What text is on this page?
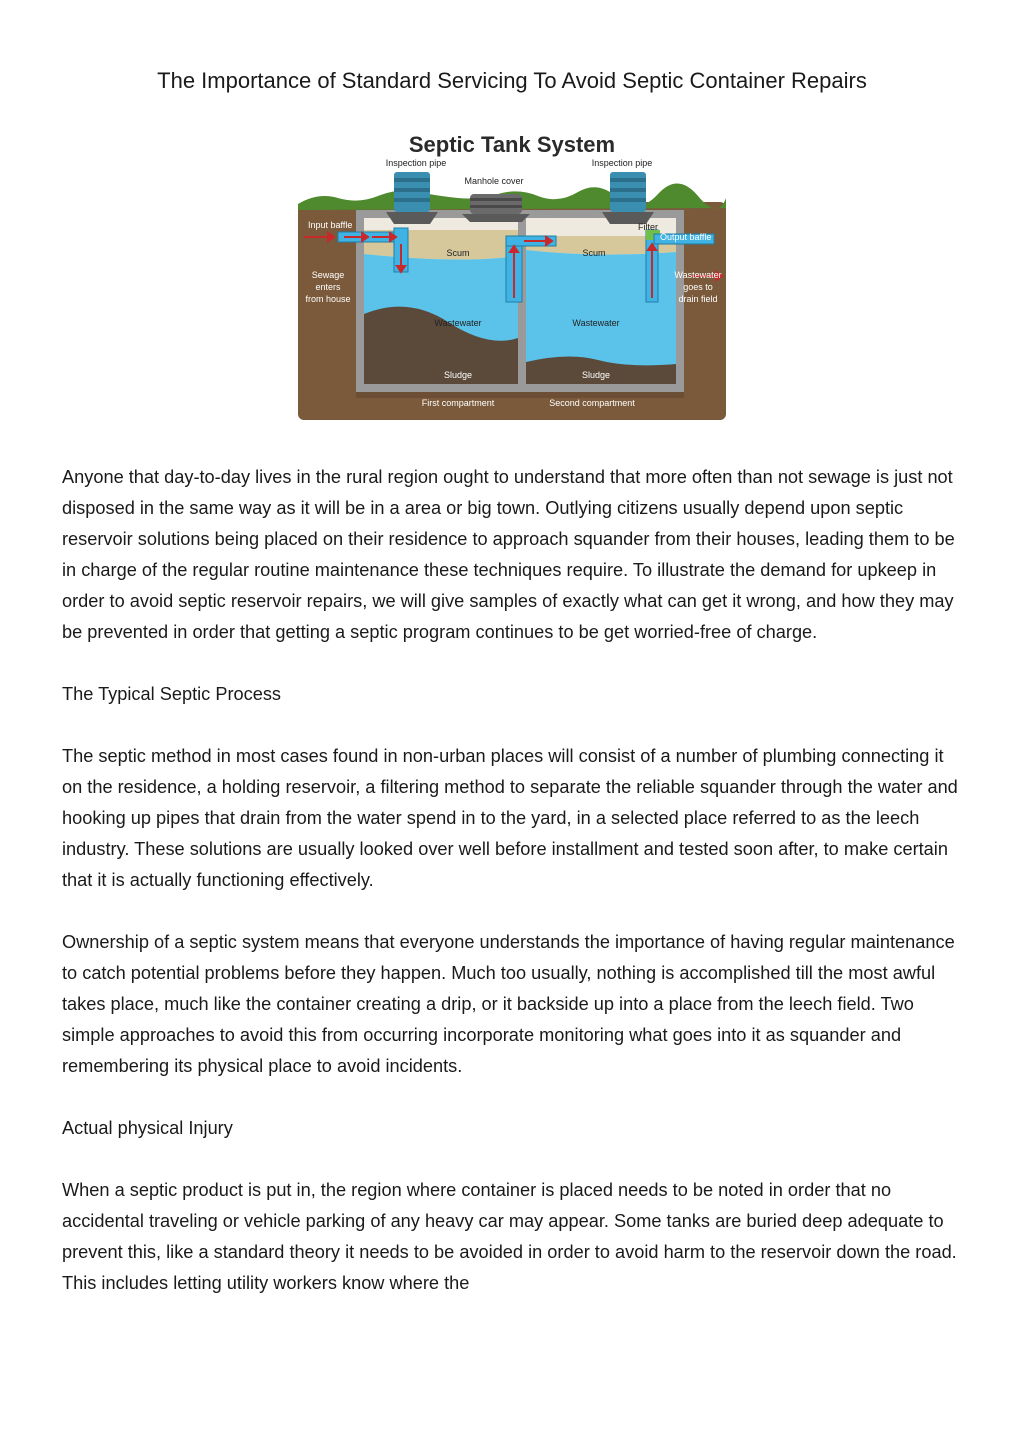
The Importance of Standard Servicing To Avoid Septic Container Repairs
Septic Tank System
Inspection pipe	Inspection pipe
Manhole cover
Input baffle	Filter
Output baffle
Scum	Scum
Sewage
enters
from house
Wastewater
goes to
drain field
Wastewater	Wastewater
Sludge	Sludge
First compartment	Second compartment

Anyone that day-to-day lives in the rural region ought to understand that more often than not sewage is just not disposed in the same way as it will be in a area or big town. Outlying citizens usually depend upon septic reservoir solutions being placed on their residence to approach squander from their houses, leading them to be in charge of the regular routine maintenance these techniques require. To illustrate the demand for upkeep in order to avoid septic reservoir repairs, we will give samples of exactly what can get it wrong, and how they may be prevented in order that getting a septic program continues to be get worried-free of charge.

The Typical Septic Process

The septic method in most cases found in non-urban places will consist of a number of plumbing connecting it on the residence, a holding reservoir, a filtering method to separate the reliable squander through the water and hooking up pipes that drain from the water spend in to the yard, in a selected place referred to as the leech industry. These solutions are usually looked over well before installment and tested soon after, to make certain that it is actually functioning effectively.

Ownership of a septic system means that everyone understands the importance of having regular maintenance to catch potential problems before they happen. Much too usually, nothing is accomplished till the most awful takes place, much like the container creating a drip, or it backside up into a place from the leech field. Two simple approaches to avoid this from occurring incorporate monitoring what goes into it as squander and remembering its physical place to avoid incidents.

Actual physical Injury

When a septic product is put in, the region where container is placed needs to be noted in order that no accidental traveling or vehicle parking of any heavy car may appear. Some tanks are buried deep adequate to prevent this, like a standard theory it needs to be avoided in order to avoid harm to the reservoir down the road. This includes letting utility workers know where the
